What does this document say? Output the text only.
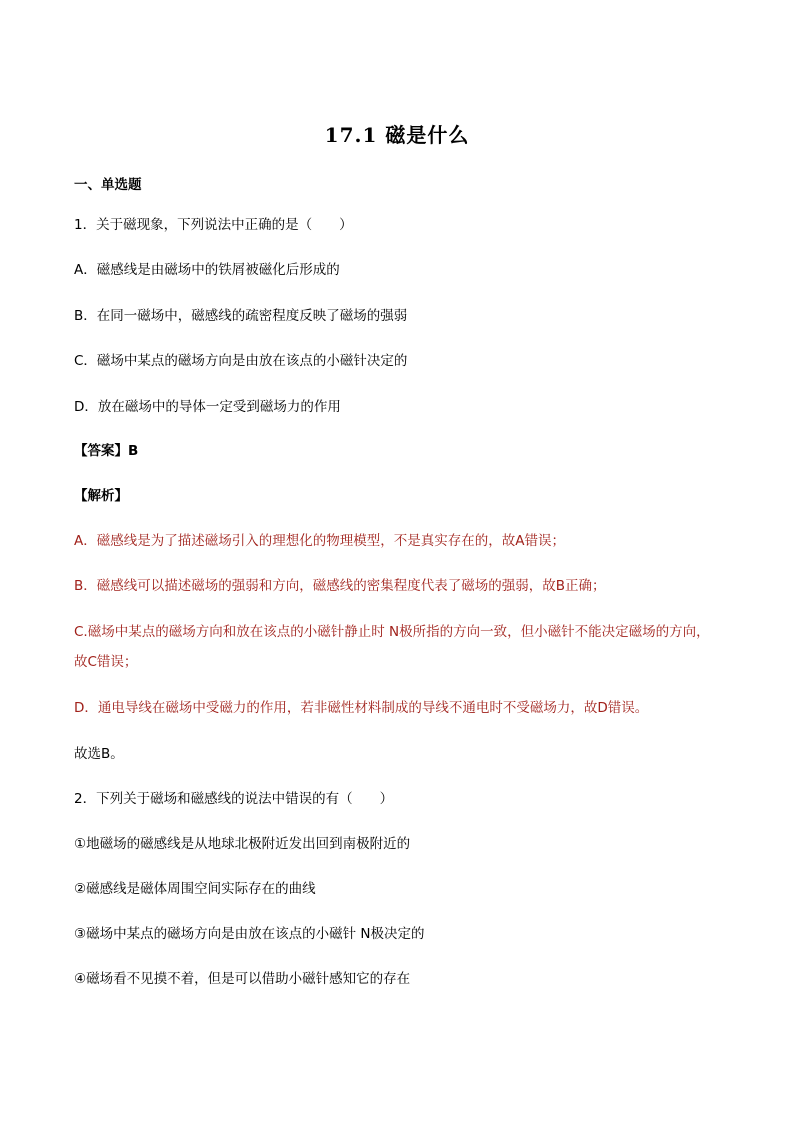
17.1 磁是什么
一、单选题
1．关于磁现象，下列说法中正确的是（　　）
A．磁感线是由磁场中的铁屑被磁化后形成的
B．在同一磁场中，磁感线的疏密程度反映了磁场的强弱
C．磁场中某点的磁场方向是由放在该点的小磁针决定的
D．放在磁场中的导体一定受到磁场力的作用
【答案】B
【解析】
A．磁感线是为了描述磁场引入的理想化的物理模型，不是真实存在的，故A错误；
B．磁感线可以描述磁场的强弱和方向，磁感线的密集程度代表了磁场的强弱，故B正确；
C.磁场中某点的磁场方向和放在该点的小磁针静止时 N极所指的方向一致，但小磁针不能决定磁场的方向，
故C错误；
D．通电导线在磁场中受磁力的作用，若非磁性材料制成的导线不通电时不受磁场力，故D错误。
故选B。
2．下列关于磁场和磁感线的说法中错误的有（　　）
①地磁场的磁感线是从地球北极附近发出回到南极附近的
②磁感线是磁体周围空间实际存在的曲线
③磁场中某点的磁场方向是由放在该点的小磁针 N极决定的
④磁场看不见摸不着，但是可以借助小磁针感知它的存在
